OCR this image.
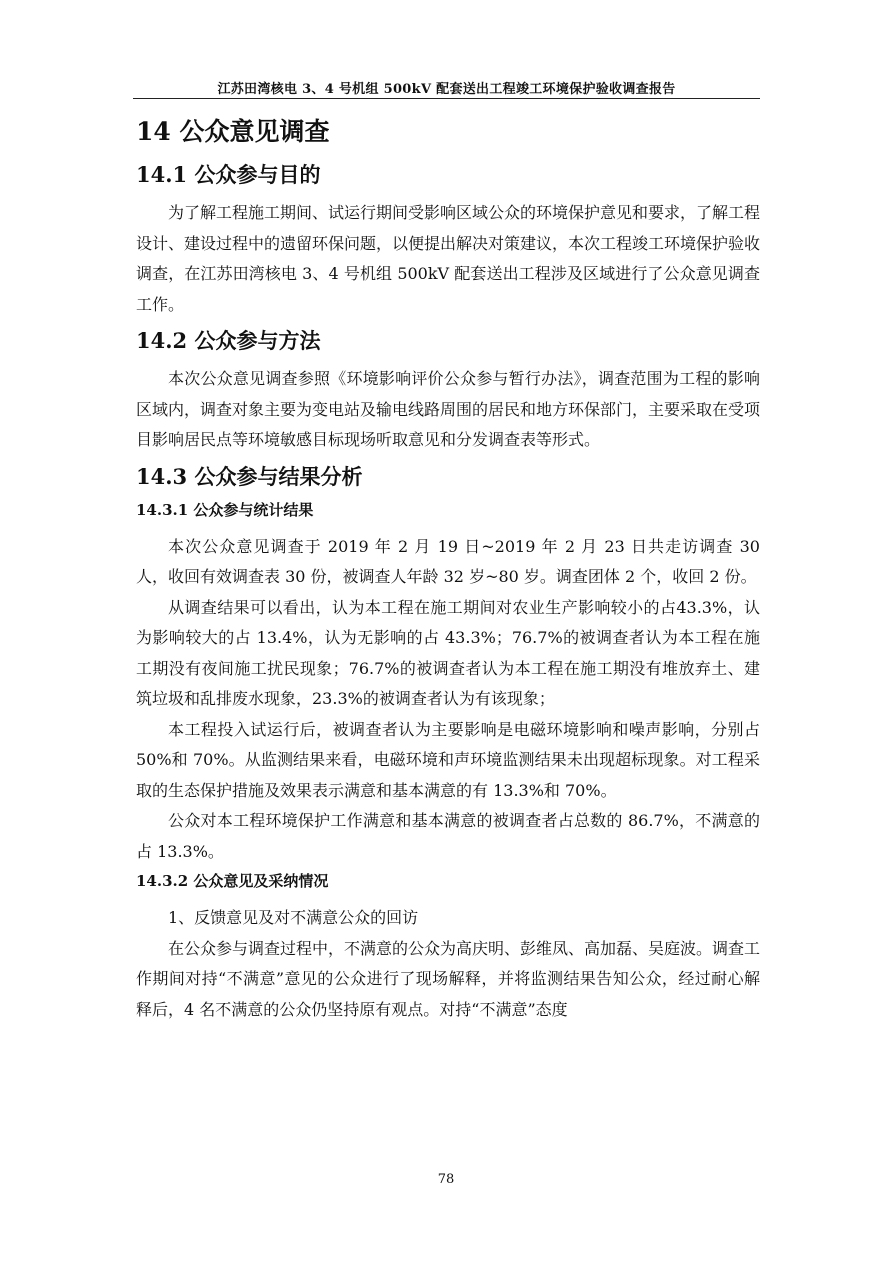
江苏田湾核电 3、4 号机组 500kV 配套送出工程竣工环境保护验收调查报告
14 公众意见调查
14.1 公众参与目的

为了解工程施工期间、试运行期间受影响区域公众的环境保护意见和要求，了解工程设计、建设过程中的遗留环保问题，以便提出解决对策建议，本次工程竣工环境保护验收调查，在江苏田湾核电 3、4 号机组 500kV 配套送出工程涉及区域进行了公众意见调查工作。

14.2 公众参与方法

本次公众意见调查参照《环境影响评价公众参与暂行办法》，调查范围为工程的影响区域内，调查对象主要为变电站及输电线路周围的居民和地方环保部门，主要采取在受项目影响居民点等环境敏感目标现场听取意见和分发调查表等形式。

14.3 公众参与结果分析
14.3.1 公众参与统计结果

本次公众意见调查于 2019 年 2 月 19 日~2019 年 2 月 23 日共走访调查 30 人，收回有效调查表 30 份，被调查人年龄 32 岁~80 岁。调查团体 2 个，收回 2 份。

从调查结果可以看出，认为本工程在施工期间对农业生产影响较小的占43.3%，认为影响较大的占 13.4%，认为无影响的占 43.3%；76.7%的被调查者认为本工程在施工期没有夜间施工扰民现象；76.7%的被调查者认为本工程在施工期没有堆放弃土、建筑垃圾和乱排废水现象，23.3%的被调查者认为有该现象；

本工程投入试运行后，被调查者认为主要影响是电磁环境影响和噪声影响，分别占 50%和 70%。从监测结果来看，电磁环境和声环境监测结果未出现超标现象。对工程采取的生态保护措施及效果表示满意和基本满意的有 13.3%和 70%。

公众对本工程环境保护工作满意和基本满意的被调查者占总数的 86.7%，不满意的占 13.3%。

14.3.2 公众意见及采纳情况

1、反馈意见及对不满意公众的回访

在公众参与调查过程中，不满意的公众为高庆明、彭维凤、高加磊、吴庭波。调查工作期间对持“不满意”意见的公众进行了现场解释，并将监测结果告知公众，经过耐心解释后，4 名不满意的公众仍坚持原有观点。对持“不满意”态度

78
